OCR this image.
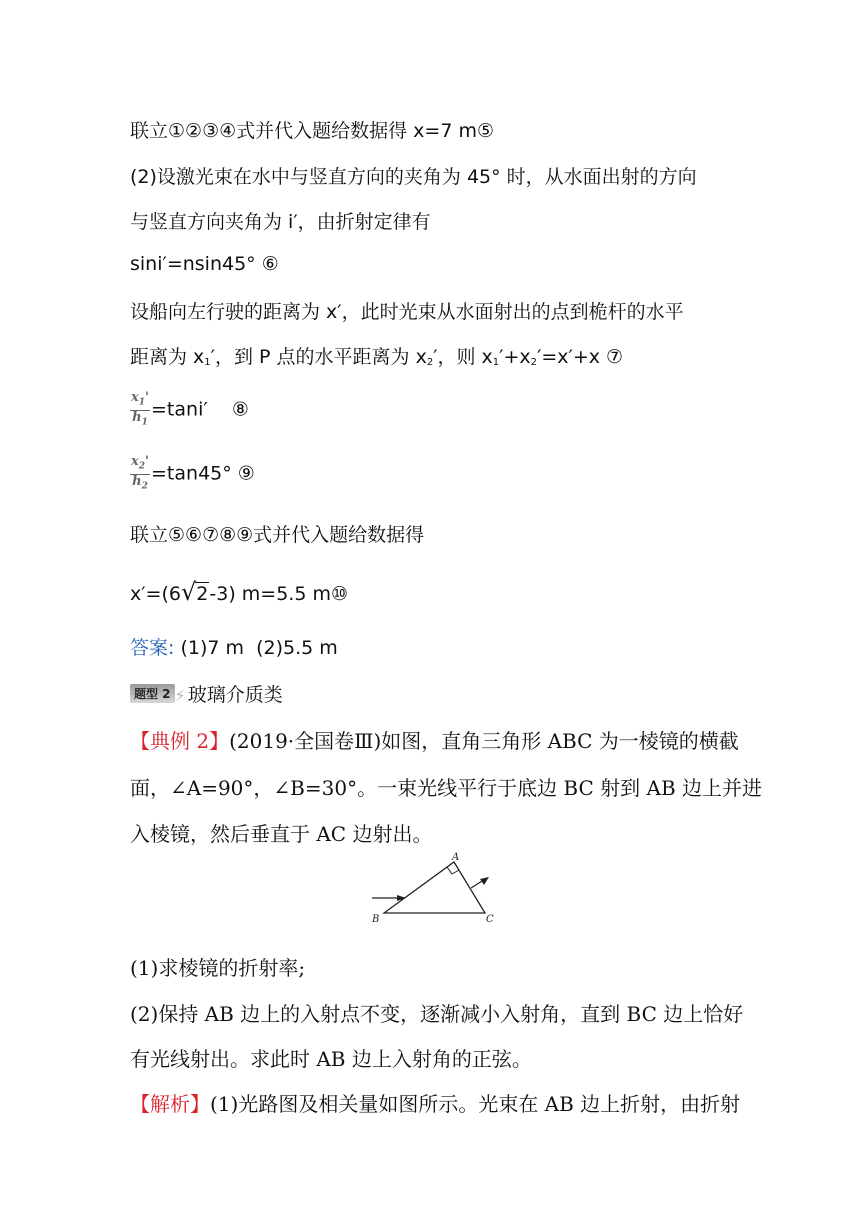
联立①②③④式并代入题给数据得 x=7 m⑤
(2)设激光束在水中与竖直方向的夹角为 45° 时，从水面出射的方向
与竖直方向夹角为 i′，由折射定律有
sini′=nsin45° ⑥
设船向左行驶的距离为 x′，此时光束从水面射出的点到桅杆的水平
距离为 $x_1'$，到 P 点的水平距离为 $x_2'$，则 $x_1'+x_2'=x'+x$ ⑦
$\frac{x_1'}{h_1} =\tan i'$    ⑧
$\frac{x_2'}{h_2} =\tan 45^\circ$ ⑨
联立⑤⑥⑦⑧⑨式并代入题给数据得
x′=(6√2-3) m=5.5 m⑩
答案: (1)7 m  (2)5.5 m
题型 2 ⚡ 玻璃介质类
【典例 2】(2019·全国卷Ⅲ)如图，直角三角形 ABC 为一棱镜的横截
面，∠A=90°，∠B=30°。一束光线平行于底边 BC 射到 AB 边上并进
入棱镜，然后垂直于 AC 边射出。
A
B	C
(1)求棱镜的折射率;
(2)保持 AB 边上的入射点不变，逐渐减小入射角，直到 BC 边上恰好
有光线射出。求此时 AB 边上入射角的正弦。
【解析】(1)光路图及相关量如图所示。光束在 AB 边上折射，由折射
